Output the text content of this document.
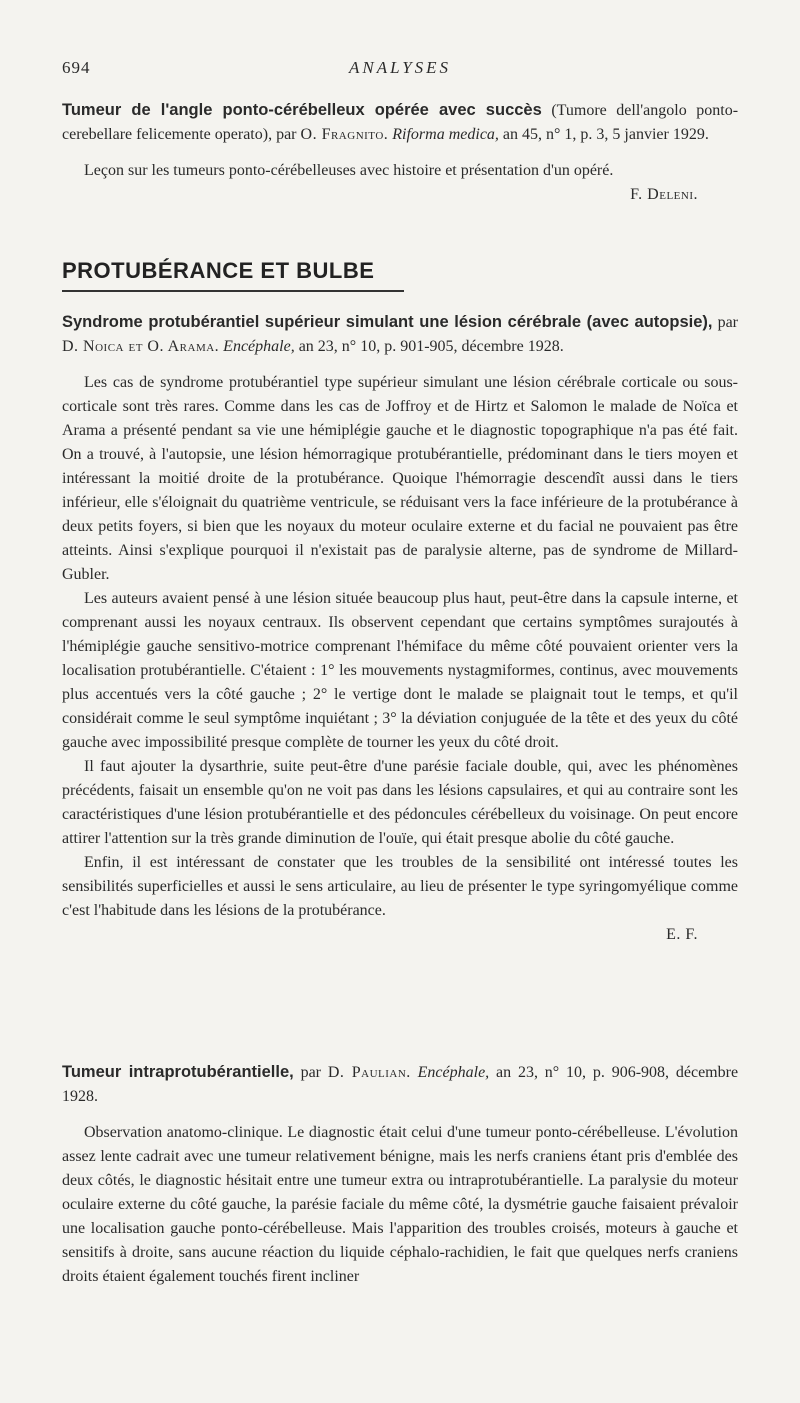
694	ANALYSES

Tumeur de l'angle ponto-cérébelleux opérée avec succès (Tumore dell'angolo ponto-cerebellare felicemente operato), par O. Fragnito. Riforma medica, an 45, n° 1, p. 3, 5 janvier 1929.

Leçon sur les tumeurs ponto-cérébelleuses avec histoire et présentation d'un opéré.

F. Deleni.

PROTUBÉRANCE ET BULBE

Syndrome protubérantiel supérieur simulant une lésion cérébrale (avec autopsie), par D. Noica et O. Arama. Encéphale, an 23, n° 10, p. 901-905, décembre 1928.

Les cas de syndrome protubérantiel type supérieur simulant une lésion cérébrale corticale ou sous-corticale sont très rares. Comme dans les cas de Joffroy et de Hirtz et Salomon le malade de Noïca et Arama a présenté pendant sa vie une hémiplégie gauche et le diagnostic topographique n'a pas été fait. On a trouvé, à l'autopsie, une lésion hémorragique protubérantielle, prédominant dans le tiers moyen et intéressant la moitié droite de la protubérance. Quoique l'hémorragie descendît aussi dans le tiers inférieur, elle s'éloignait du quatrième ventricule, se réduisant vers la face inférieure de la protubérance à deux petits foyers, si bien que les noyaux du moteur oculaire externe et du facial ne pouvaient pas être atteints. Ainsi s'explique pourquoi il n'existait pas de paralysie alterne, pas de syndrome de Millard-Gubler.

Les auteurs avaient pensé à une lésion située beaucoup plus haut, peut-être dans la capsule interne, et comprenant aussi les noyaux centraux. Ils observent cependant que certains symptômes surajoutés à l'hémiplégie gauche sensitivo-motrice comprenant l'hémiface du même côté pouvaient orienter vers la localisation protubérantielle. C'étaient : 1° les mouvements nystagmiformes, continus, avec mouvements plus accentués vers la côté gauche ; 2° le vertige dont le malade se plaignait tout le temps, et qu'il considérait comme le seul symptôme inquiétant ; 3° la déviation conjuguée de la tête et des yeux du côté gauche avec impossibilité presque complète de tourner les yeux du côté droit.

Il faut ajouter la dysarthrie, suite peut-être d'une parésie faciale double, qui, avec les phénomènes précédents, faisait un ensemble qu'on ne voit pas dans les lésions capsulaires, et qui au contraire sont les caractéristiques d'une lésion protubérantielle et des pédoncules cérébelleux du voisinage. On peut encore attirer l'attention sur la très grande diminution de l'ouïe, qui était presque abolie du côté gauche.

Enfin, il est intéressant de constater que les troubles de la sensibilité ont intéressé toutes les sensibilités superficielles et aussi le sens articulaire, au lieu de présenter le type syringomyélique comme c'est l'habitude dans les lésions de la protubérance.

E. F.

Tumeur intraprotubérantielle, par D. Paulian. Encéphale, an 23, n° 10, p. 906-908, décembre 1928.

Observation anatomo-clinique. Le diagnostic était celui d'une tumeur ponto-cérébelleuse. L'évolution assez lente cadrait avec une tumeur relativement bénigne, mais les nerfs craniens étant pris d'emblée des deux côtés, le diagnostic hésitait entre une tumeur extra ou intraprotubérantielle. La paralysie du moteur oculaire externe du côté gauche, la parésie faciale du même côté, la dysmétrie gauche faisaient prévaloir une localisation gauche ponto-cérébelleuse. Mais l'apparition des troubles croisés, moteurs à gauche et sensitifs à droite, sans aucune réaction du liquide céphalo-rachidien, le fait que quelques nerfs craniens droits étaient également touchés firent incliner
